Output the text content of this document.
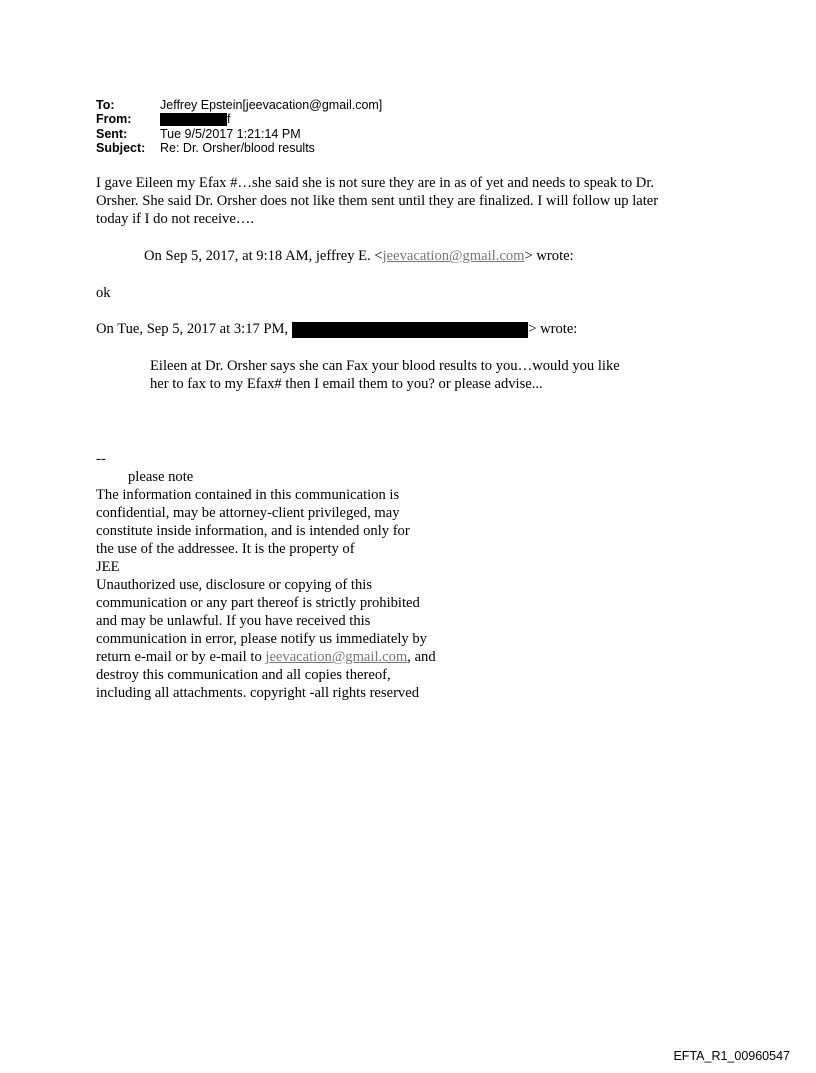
To:	Jeffrey Epstein[jeevacation@gmail.com]
From:	f
Sent:	Tue 9/5/2017 1:21:14 PM
Subject: Re: Dr. Orsher/blood results
I gave Eileen my Efax #…she said she is not sure they are in as of yet and needs to speak to Dr.
Orsher. She said Dr. Orsher does not like them sent until they are finalized. I will follow up later
today if I do not receive….
On Sep 5, 2017, at 9:18 AM, jeffrey E. <jeevacation@gmail.com> wrote:
ok
On Tue, Sep 5, 2017 at 3:17 PM,	> wrote:
Eileen at Dr. Orsher says she can Fax your blood results to you…would you like
her to fax to my Efax# then I email them to you? or please advise...
--
please note
The information contained in this communication is
confidential, may be attorney-client privileged, may
constitute inside information, and is intended only for
the use of the addressee. It is the property of
JEE
Unauthorized use, disclosure or copying of this
communication or any part thereof is strictly prohibited
and may be unlawful. If you have received this
communication in error, please notify us immediately by
return e-mail or by e-mail to jeevacation@gmail.com, and
destroy this communication and all copies thereof,
including all attachments. copyright -all rights reserved
EFTA_R1_00960547
